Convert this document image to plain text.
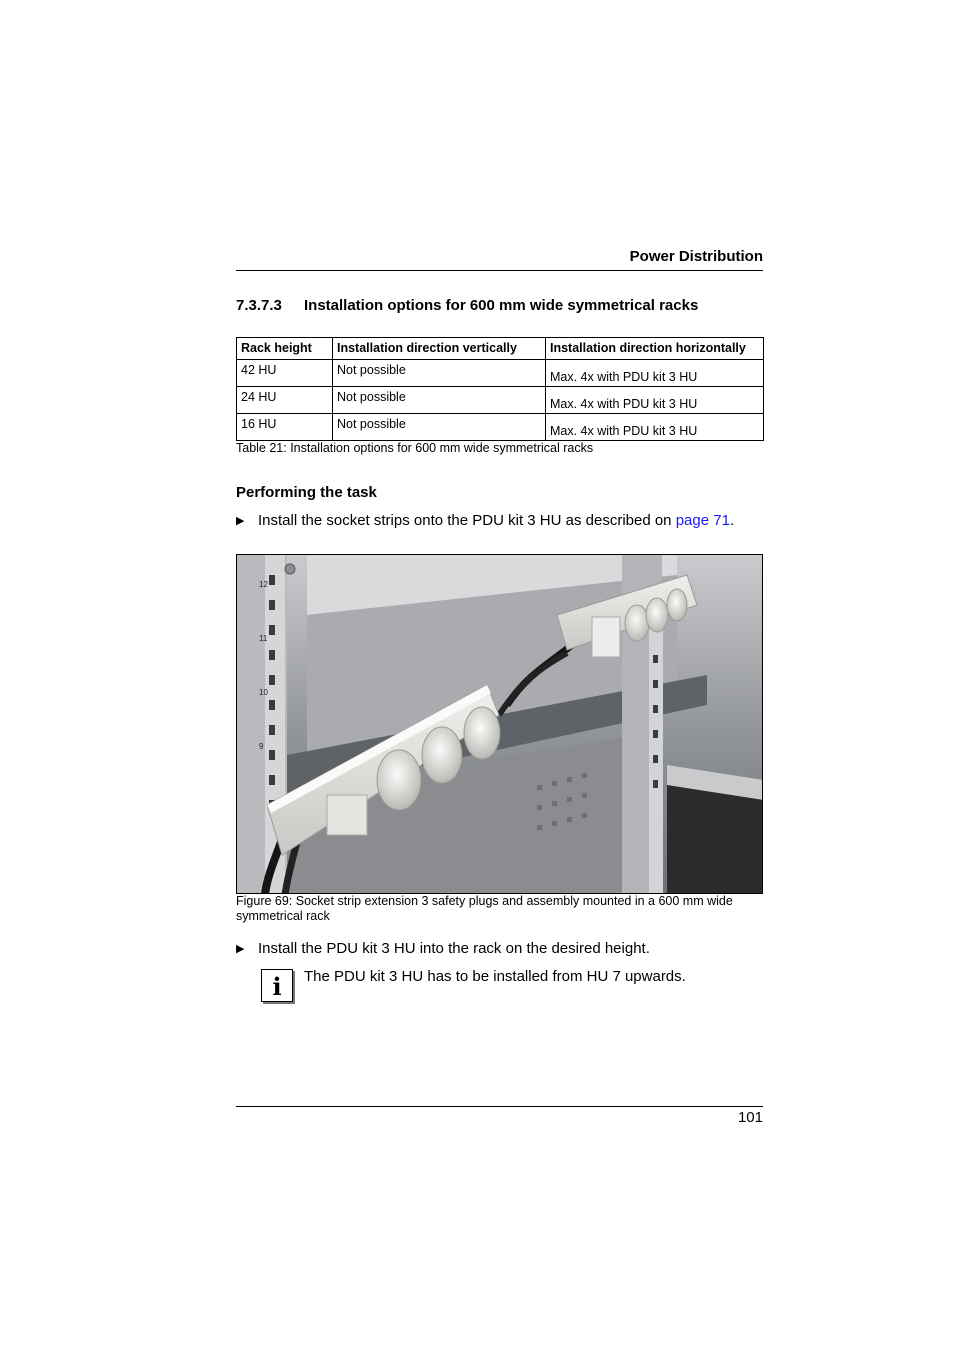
Power Distribution
7.3.7.3 Installation options for 600 mm wide symmetrical racks
Rack height	Installation direction vertically	Installation direction horizontally
42 HU	Not possible	Max. 4x with PDU kit 3 HU
24 HU	Not possible	Max. 4x with PDU kit 3 HU
16 HU	Not possible	Max. 4x with PDU kit 3 HU
Table 21: Installation options for 600 mm wide symmetrical racks
Performing the task
▶ Install the socket strips onto the PDU kit 3 HU as described on page 71.
12
11
10
9
Figure 69: Socket strip extension 3 safety plugs and assembly mounted in a 600 mm wide
symmetrical rack
▶ Install the PDU kit 3 HU into the rack on the desired height.
i	The PDU kit 3 HU has to be installed from HU 7 upwards.
101
